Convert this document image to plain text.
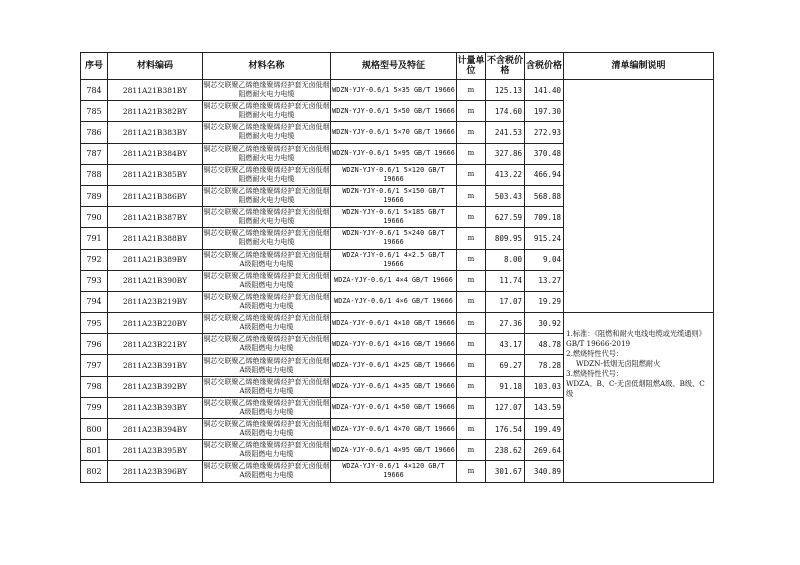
序号	材料编码	材料名称	规格型号及特征	计量单位	不含税价 格	含税价格	清单编制说明
784	2811A21B381BY	铜芯交联聚乙烯绝缘聚烯烃护套无卤低烟阻燃耐火电力电缆	WDZN-YJY-0.6/1 5×35 GB/T 19666	m	125.13	141.40	
785	2811A21B382BY	铜芯交联聚乙烯绝缘聚烯烃护套无卤低烟阻燃耐火电力电缆	WDZN-YJY-0.6/1 5×50 GB/T 19666	m	174.60	197.30	
786	2811A21B383BY	铜芯交联聚乙烯绝缘聚烯烃护套无卤低烟阻燃耐火电力电缆	WDZN-YJY-0.6/1 5×70 GB/T 19666	m	241.53	272.93	
787	2811A21B384BY	铜芯交联聚乙烯绝缘聚烯烃护套无卤低烟阻燃耐火电力电缆	WDZN-YJY-0.6/1 5×95 GB/T 19666	m	327.86	370.48	
788	2811A21B385BY	铜芯交联聚乙烯绝缘聚烯烃护套无卤低烟阻燃耐火电力电缆	WDZN-YJY-0.6/1 5×120 GB/T 19666	m	413.22	466.94	
789	2811A21B386BY	铜芯交联聚乙烯绝缘聚烯烃护套无卤低烟阻燃耐火电力电缆	WDZN-YJY-0.6/1 5×150 GB/T 19666	m	503.43	568.88	
790	2811A21B387BY	铜芯交联聚乙烯绝缘聚烯烃护套无卤低烟阻燃耐火电力电缆	WDZN-YJY-0.6/1 5×185 GB/T 19666	m	627.59	709.18	
791	2811A21B388BY	铜芯交联聚乙烯绝缘聚烯烃护套无卤低烟阻燃耐火电力电缆	WDZN-YJY-0.6/1 5×240 GB/T 19666	m	809.95	915.24	
792	2811A21B389BY	铜芯交联聚乙烯绝缘聚烯烃护套无卤低烟A级阻燃电力电缆	WDZA-YJY-0.6/1 4×2.5 GB/T 19666	m	8.00	9.04	
793	2811A21B390BY	铜芯交联聚乙烯绝缘聚烯烃护套无卤低烟A级阻燃电力电缆	WDZA-YJY-0.6/1 4×4 GB/T 19666	m	11.74	13.27	
794	2811A23B219BY	铜芯交联聚乙烯绝缘聚烯烃护套无卤低烟A级阻燃电力电缆	WDZA-YJY-0.6/1 4×6 GB/T 19666	m	17.07	19.29	
795	2811A23B220BY	铜芯交联聚乙烯绝缘聚烯烃护套无卤低烟A级阻燃电力电缆	WDZA-YJY-0.6/1 4×10 GB/T 19666	m	27.36	30.92	1.标准：《阻燃和耐火电线电缆或光缆通则》GB/T 19666-2019
2.燃烧特性代号：
WDZN-低烟无卤阻燃耐火
3.燃烧特性代号：
WDZA、B、C-无卤低烟阻燃A级、B级、C级

796	2811A23B221BY	铜芯交联聚乙烯绝缘聚烯烃护套无卤低烟A级阻燃电力电缆	WDZA-YJY-0.6/1 4×16 GB/T 19666	m	43.17	48.78	
797	2811A23B391BY	铜芯交联聚乙烯绝缘聚烯烃护套无卤低烟A级阻燃电力电缆	WDZA-YJY-0.6/1 4×25 GB/T 19666	m	69.27	78.28	
798	2811A23B392BY	铜芯交联聚乙烯绝缘聚烯烃护套无卤低烟A级阻燃电力电缆	WDZA-YJY-0.6/1 4×35 GB/T 19666	m	91.18	103.03	
799	2811A23B393BY	铜芯交联聚乙烯绝缘聚烯烃护套无卤低烟A级阻燃电力电缆	WDZA-YJY-0.6/1 4×50 GB/T 19666	m	127.07	143.59	
800	2811A23B394BY	铜芯交联聚乙烯绝缘聚烯烃护套无卤低烟A级阻燃电力电缆	WDZA-YJY-0.6/1 4×70 GB/T 19666	m	176.54	199.49	
801	2811A23B395BY	铜芯交联聚乙烯绝缘聚烯烃护套无卤低烟A级阻燃电力电缆	WDZA-YJY-0.6/1 4×95 GB/T 19666	m	238.62	269.64	
802	2811A23B396BY	铜芯交联聚乙烯绝缘聚烯烃护套无卤低烟A级阻燃电力电缆	WDZA-YJY-0.6/1 4×120 GB/T 19666	m	301.67	340.89	
